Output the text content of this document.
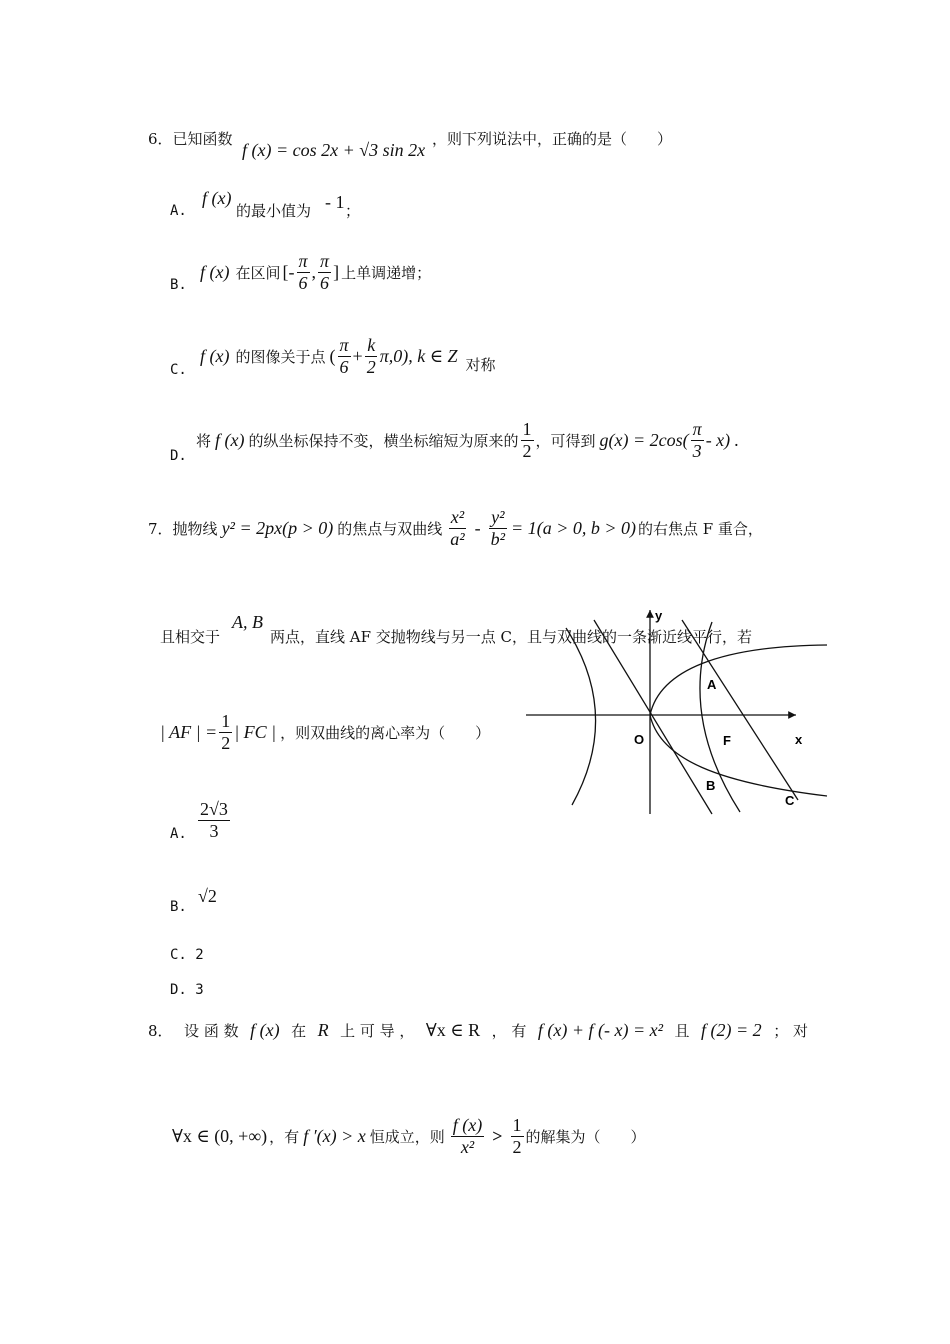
6．已知函数
f (x) = cos 2x + √3 sin 2x
，则下列说法中，正确的是（　　）
A.
f (x)
的最小值为 - 1 ；
B.
f (x) 在区间 [- $\frac{\pi}{6}$ , $\frac{\pi}{6}$ ] 上单调递增；
C.
f (x) 的图像关于点 ( $\frac{\pi}{6} + \frac{k}{2} \pi,0$), k ∈ Z 对称
D.
将 f (x) 的纵坐标保持不变，横坐标缩短为原来的 $\frac{1}{2}$ ，可得到 $g(x) = 2\cos( \frac{\pi}{3} - x)$ .
7． 抛物线 y² = 2px(p > 0) 的焦点与双曲线 $\frac{\text{x²}}{\text{a²}} - \frac{\text{y²}}{\text{b²}} = 1(a > 0$, b > 0) 的右焦点 F 重合，
且相交于
A, B
两点，直线 AF 交抛物线与另一点 C，且与双曲线的一条渐近线平行，若
| AF | = $\frac{1}{2}$ | FC | ，则双曲线的离心率为（　　）
y
x
O	F
A
B
C
A. $\frac{2√3}{3}$
B.
√2
C. 2
D. 3
8． 设 函 数 f (x) 在 R 上 可 导 ， ∀x ∈ R ， 有 f (x) + f (- x) = x² 且 f (2) = 2 ； 对
∀x ∈ (0, +∞) ，有 f ′(x) > x 恒成立，则 $\frac{f (x)}{\text{x²}} > \frac{1}{2}$ 的解集为（　　）
